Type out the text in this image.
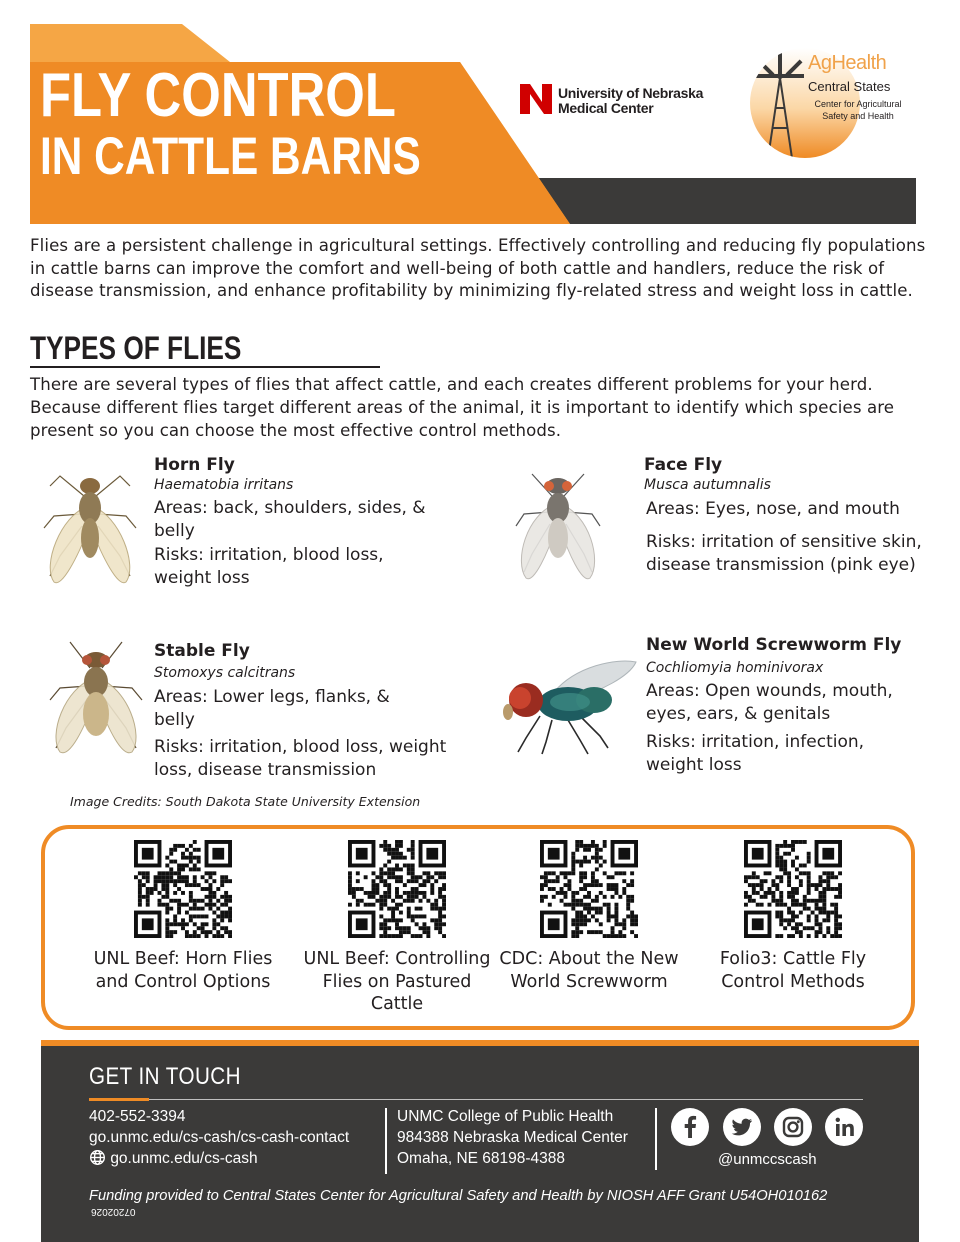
FLY CONTROL
IN CATTLE BARNS
University of Nebraska Medical Center
AgHealth
Central States
Center for Agricultural Safety and Health

Flies are a persistent challenge in agricultural settings. Effectively controlling and reducing fly populations in cattle barns can improve the comfort and well-being of both cattle and handlers, reduce the risk of disease transmission, and enhance profitability by minimizing fly-related stress and weight loss in cattle.

TYPES OF FLIES

There are several types of flies that affect cattle, and each creates different problems for your herd. Because different flies target different areas of the animal, it is important to identify which species are present so you can choose the most effective control methods.

Horn Fly
Haematobia irritans
Areas: back, shoulders, sides, & belly
Risks: irritation, blood loss, weight loss
Face Fly
Musca autumnalis
Areas: Eyes, nose, and mouth
Risks: irritation of sensitive skin, disease transmission (pink eye)
Stable Fly
Stomoxys calcitrans
Areas: Lower legs, flanks, & belly
Risks: irritation, blood loss, weight loss, disease transmission
New World Screwworm Fly
Cochliomyia hominivorax
Areas: Open wounds, mouth, eyes, ears, & genitals
Risks: irritation, infection, weight loss
Image Credits: South Dakota State University Extension
UNL Beef: Horn Flies and Control Options
UNL Beef: Controlling Flies on Pastured Cattle
CDC: About the New World Screwworm
Folio3: Cattle Fly Control Methods
GET IN TOUCH
402-552-3394
go.unmc.edu/cs-cash/cs-cash-contact
go.unmc.edu/cs-cash
UNMC College of Public Health
984388 Nebraska Medical Center
Omaha, NE 68198-4388	@unmccscash
Funding provided to Central States Center for Agricultural Safety and Health by NIOSH AFF Grant U54OH010162
07202026
